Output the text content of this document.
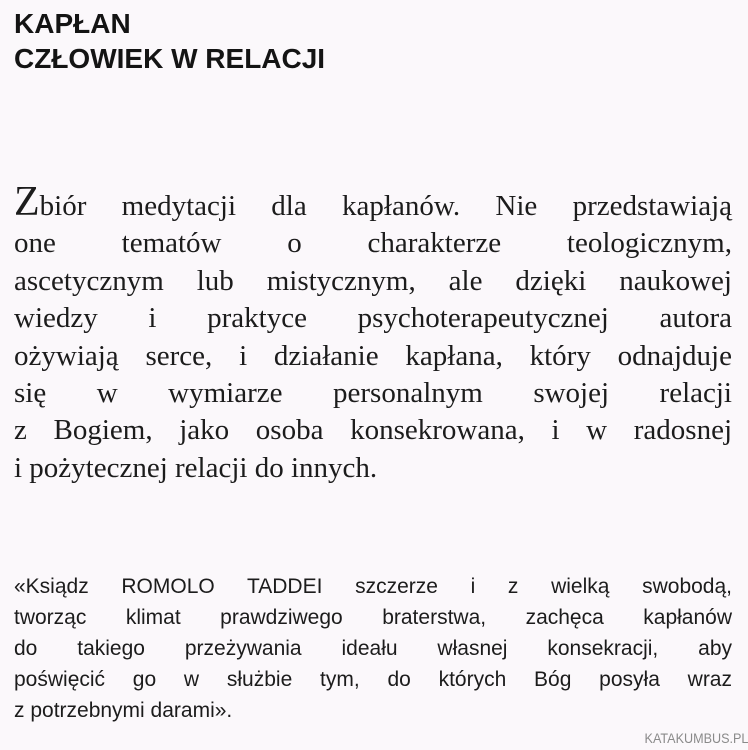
KAPŁAN
CZŁOWIEK W RELACJI
Zbiór medytacji dla kapłanów. Nie przedstawiają
one tematów o charakterze teologicznym,
ascetycznym lub mistycznym, ale dzięki naukowej
wiedzy i praktyce psychoterapeutycznej autora
ożywiają serce, i działanie kapłana, który odnajduje
się w wymiarze personalnym swojej relacji
z Bogiem, jako osoba konsekrowana, i w radosnej
i pożytecznej relacji do innych.
«Ksiądz ROMOLO TADDEI szczerze i z wielką swobodą,
tworząc klimat prawdziwego braterstwa, zachęca kapłanów
do takiego przeżywania ideału własnej konsekracji, aby
poświęcić go w służbie tym, do których Bóg posyła wraz
z potrzebnymi darami».
KATAKUMBUS.PL
